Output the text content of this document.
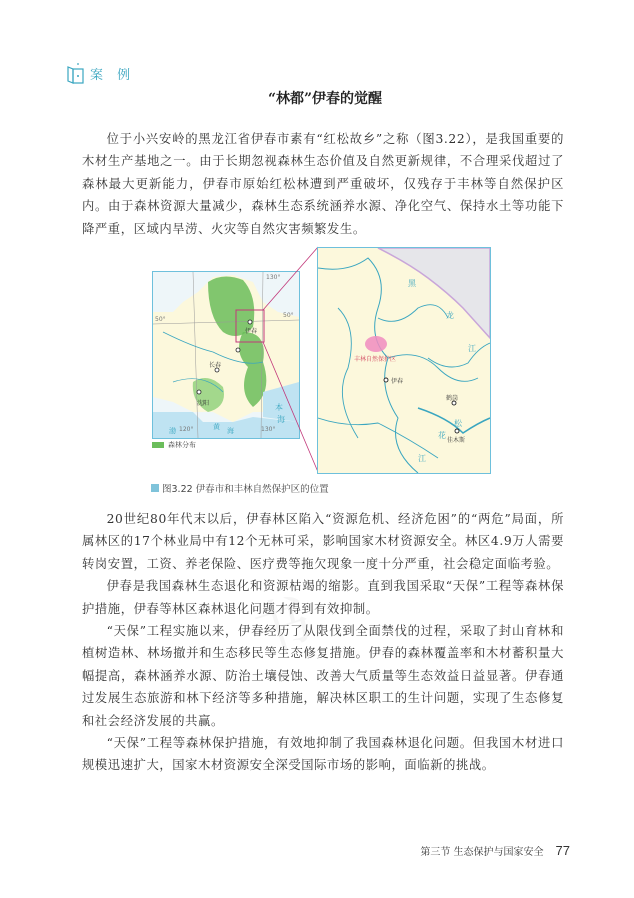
案 例
“林都”伊春的觉醒

位于小兴安岭的黑龙江省伊春市素有“红松故乡”之称（图3.22），是我国重要的木材生产基地之一。由于长期忽视森林生态价值及自然更新规律，不合理采伐超过了森林最大更新能力，伊春市原始红松林遭到严重破坏，仅残存于丰林等自然保护区内。由于森林资源大量减少，森林生态系统涵养水源、净化空气、保持水土等功能下降严重，区域内旱涝、火灾等自然灾害频繁发生。

130°
50°
50°
伊春
长春
沈阳
120°	130°
本
海
渤	黄 海
丰林自然保护区
伊春
鹤岗
佳木斯
黑
龙
江
松
花
江
森林分布
图3.22 伊春市和丰林自然保护区的位置
书

20世纪80年代末以后，伊春林区陷入“资源危机、经济危困”的“两危”局面，所属林区的17个林业局中有12个无林可采，影响国家木材资源安全。林区4.9万人需要转岗安置，工资、养老保险、医疗费等拖欠现象一度十分严重，社会稳定面临考验。

伊春是我国森林生态退化和资源枯竭的缩影。直到我国采取“天保”工程等森林保护措施，伊春等林区森林退化问题才得到有效抑制。

“天保”工程实施以来，伊春经历了从限伐到全面禁伐的过程，采取了封山育林和植树造林、林场撤并和生态移民等生态修复措施。伊春的森林覆盖率和木材蓄积量大幅提高，森林涵养水源、防治土壤侵蚀、改善大气质量等生态效益日益显著。伊春通过发展生态旅游和林下经济等多种措施，解决林区职工的生计问题，实现了生态修复和社会经济发展的共赢。

“天保”工程等森林保护措施，有效地抑制了我国森林退化问题。但我国木材进口规模迅速扩大，国家木材资源安全深受国际市场的影响，面临新的挑战。

第三节 生态保护与国家安全 77
